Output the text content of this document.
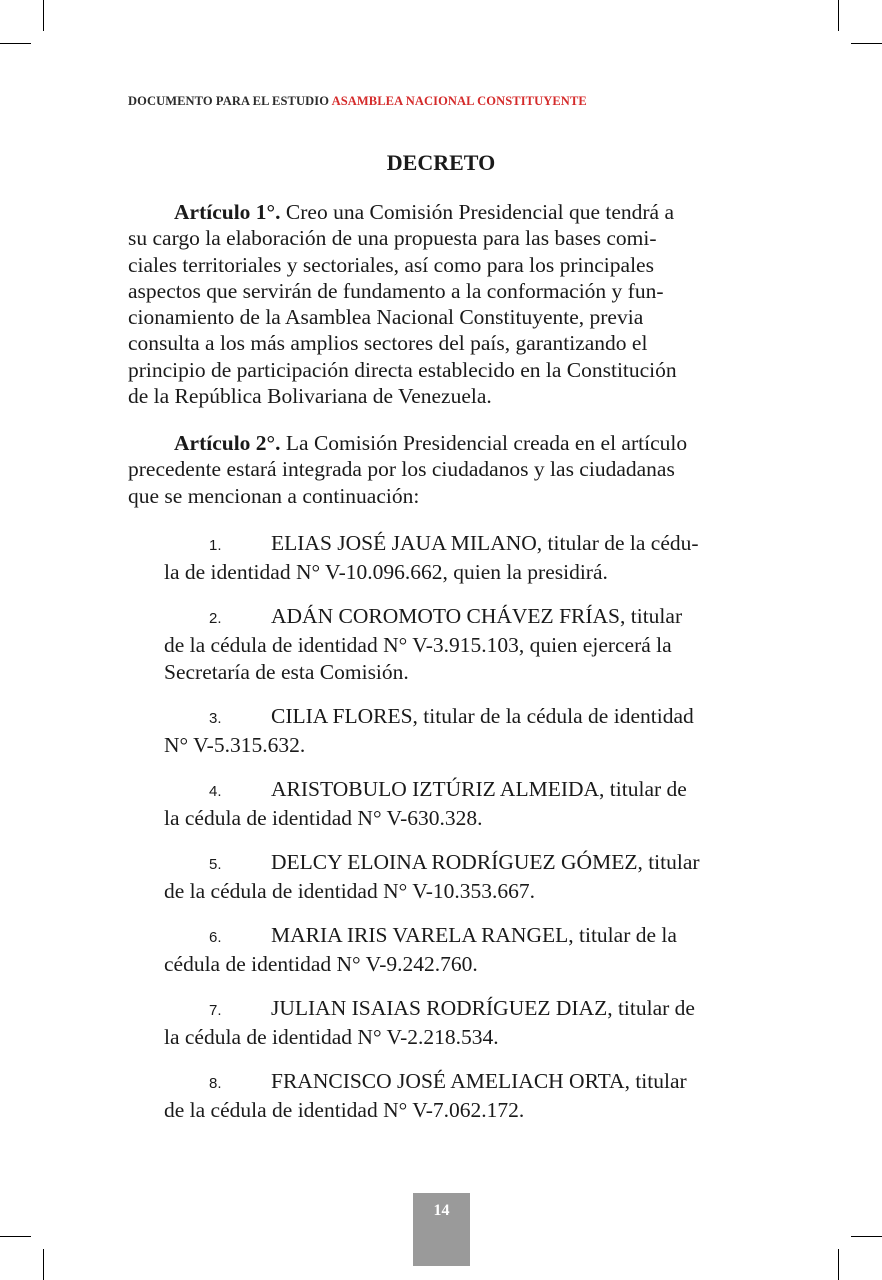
DOCUMENTO PARA EL ESTUDIO ASAMBLEA NACIONAL CONSTITUYENTE
DECRETO
Artículo 1°. Creo una Comisión Presidencial que tendrá a
su cargo la elaboración de una propuesta para las bases comi-
ciales territoriales y sectoriales, así como para los principales
aspectos que servirán de fundamento a la conformación y fun-
cionamiento de la Asamblea Nacional Constituyente, previa
consulta a los más amplios sectores del país, garantizando el
principio de participación directa establecido en la Constitución
de la República Bolivariana de Venezuela.
Artículo 2°. La Comisión Presidencial creada en el artículo
precedente estará integrada por los ciudadanos y las ciudadanas
que se mencionan a continuación:
1. ELIAS JOSÉ JAUA MILANO, titular de la cédu-
la de identidad N° V-10.096.662, quien la presidirá.
2. ADÁN COROMOTO CHÁVEZ FRÍAS, titular
de la cédula de identidad N° V-3.915.103, quien ejercerá la
Secretaría de esta Comisión.
3. CILIA FLORES, titular de la cédula de identidad
N° V-5.315.632.
4. ARISTOBULO IZTÚRIZ ALMEIDA, titular de
la cédula de identidad N° V-630.328.
5. DELCY ELOINA RODRÍGUEZ GÓMEZ, titular
de la cédula de identidad N° V-10.353.667.
6. MARIA IRIS VARELA RANGEL, titular de la
cédula de identidad N° V-9.242.760.
7. JULIAN ISAIAS RODRÍGUEZ DIAZ, titular de
la cédula de identidad N° V-2.218.534.
8. FRANCISCO JOSÉ AMELIACH ORTA, titular
de la cédula de identidad N° V-7.062.172.
14
